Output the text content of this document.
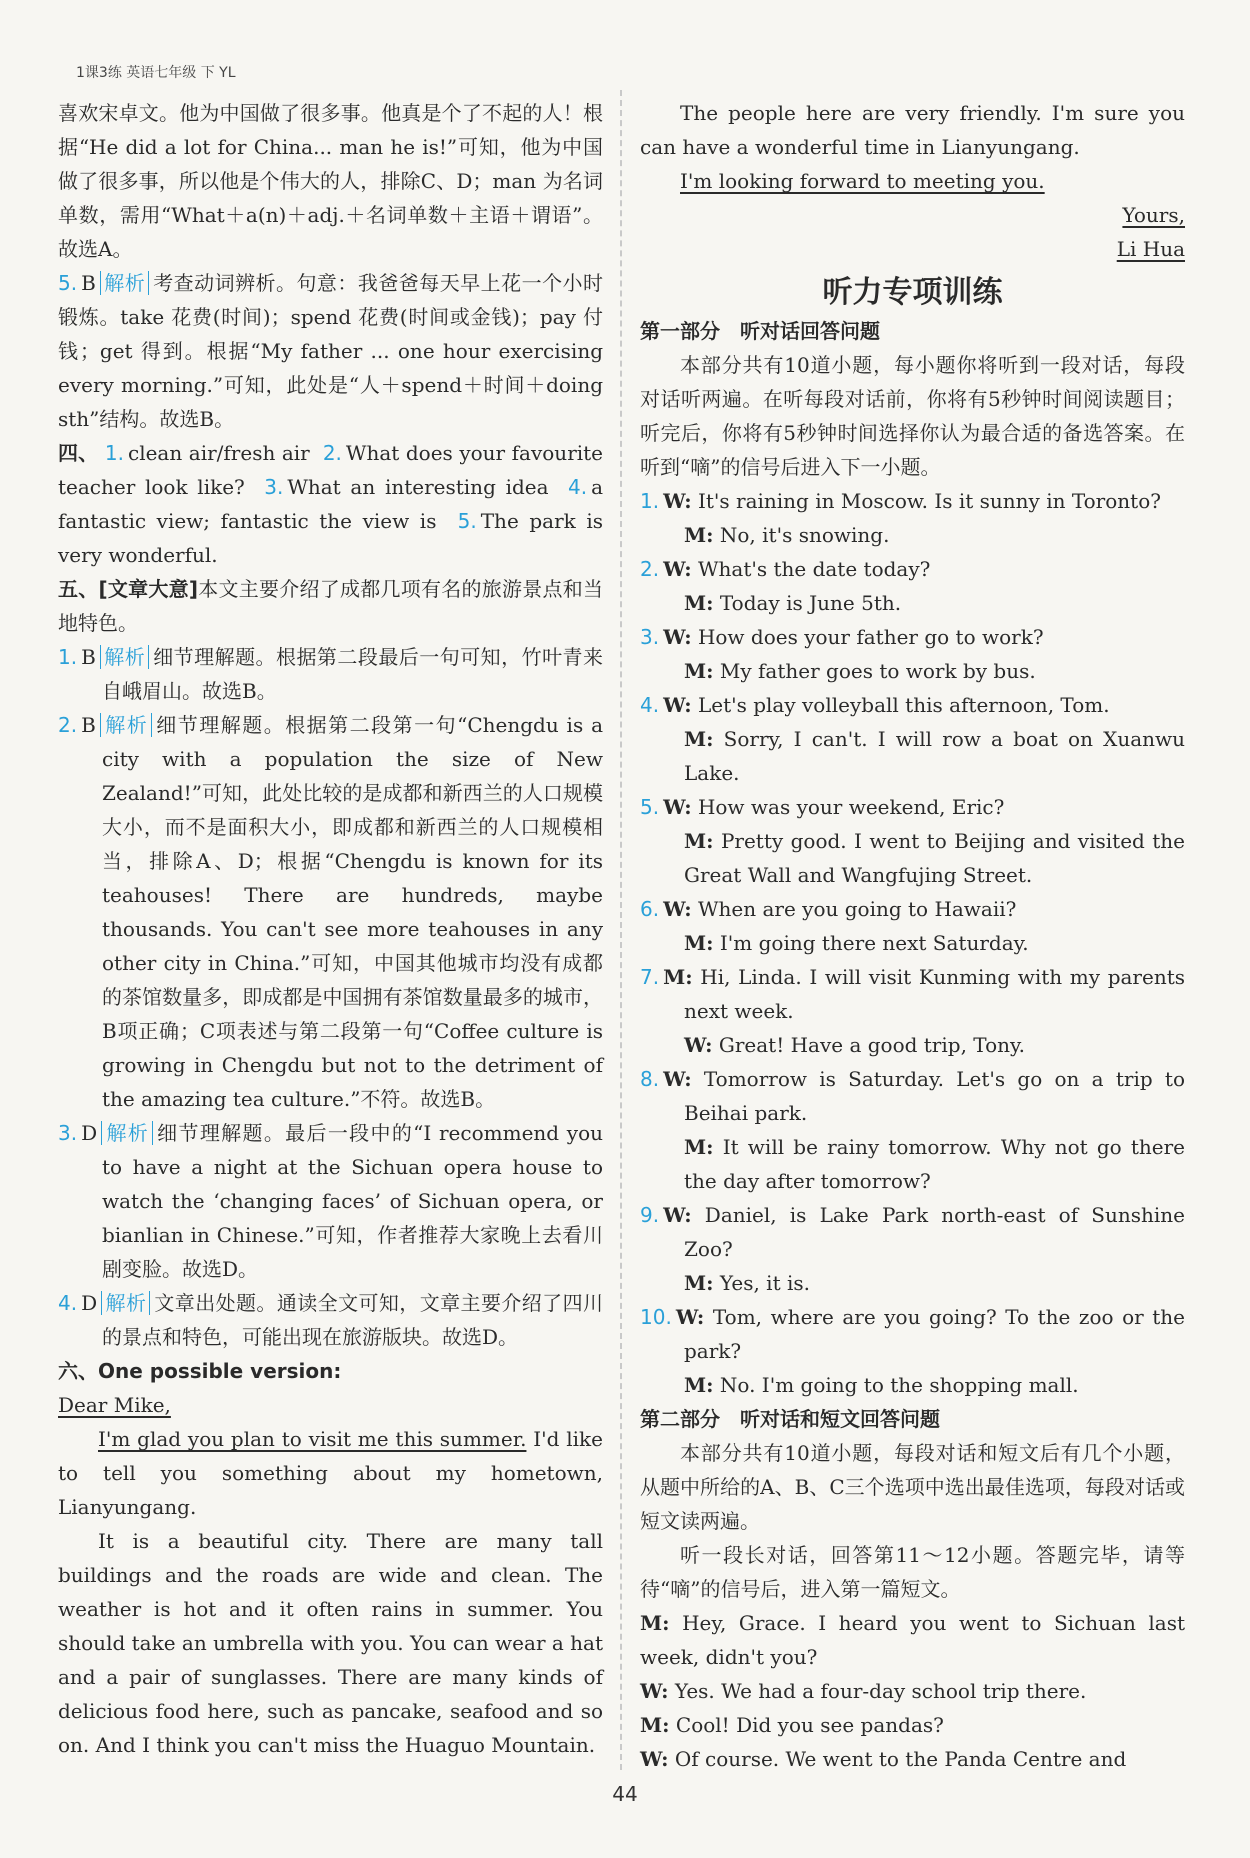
1课3练 英语七年级 下 YL

喜欢宋卓文。他为中国做了很多事。他真是个了不起的人！根据“He did a lot for China... man he is!”可知，他为中国做了很多事，所以他是个伟大的人，排除C、D；man 为名词单数，需用“What＋a(n)＋adj.＋名词单数＋主语＋谓语”。故选A。

5. B 解析 考查动词辨析。句意：我爸爸每天早上花一个小时锻炼。take 花费(时间)；spend 花费(时间或金钱)；pay 付钱；get 得到。根据“My father ... one hour exercising every morning.”可知，此处是“人＋spend＋时间＋doing sth”结构。故选B。

四、 1. clean air/fresh air 2. What does your favourite teacher look like? 3. What an interesting idea 4. a fantastic view; fantastic the view is 5. The park is very wonderful.

五、[文章大意]本文主要介绍了成都几项有名的旅游景点和当地特色。

1. B 解析 细节理解题。根据第二段最后一句可知，竹叶青来自峨眉山。故选B。

2. B 解析 细节理解题。根据第二段第一句“Chengdu is a city with a population the size of New Zealand!”可知，此处比较的是成都和新西兰的人口规模大小，而不是面积大小，即成都和新西兰的人口规模相当，排除A、D；根据“Chengdu is known for its teahouses! There are hundreds, maybe thousands. You can't see more teahouses in any other city in China.”可知，中国其他城市均没有成都的茶馆数量多，即成都是中国拥有茶馆数量最多的城市，B项正确；C项表述与第二段第一句“Coffee culture is growing in Chengdu but not to the detriment of the amazing tea culture.”不符。故选B。

3. D 解析 细节理解题。最后一段中的“I recommend you to have a night at the Sichuan opera house to watch the ‘changing faces’ of Sichuan opera, or bianlian in Chinese.”可知，作者推荐大家晚上去看川剧变脸。故选D。

4. D 解析 文章出处题。通读全文可知，文章主要介绍了四川的景点和特色，可能出现在旅游版块。故选D。

六、One possible version:

Dear Mike,

I'm glad you plan to visit me this summer. I'd like to tell you something about my hometown, Lianyungang.

It is a beautiful city. There are many tall buildings and the roads are wide and clean. The weather is hot and it often rains in summer. You should take an umbrella with you. You can wear a hat and a pair of sunglasses. There are many kinds of delicious food here, such as pancake, seafood and so on. And I think you can't miss the Huaguo Mountain.

The people here are very friendly. I'm sure you can have a wonderful time in Lianyungang.

I'm looking forward to meeting you.

Yours,

Li Hua

听力专项训练

第一部分　听对话回答问题

本部分共有10道小题，每小题你将听到一段对话，每段对话听两遍。在听每段对话前，你将有5秒钟时间阅读题目；听完后，你将有5秒钟时间选择你认为最合适的备选答案。在听到“嘀”的信号后进入下一小题。

1. W: It's raining in Moscow. Is it sunny in Toronto?

M: No, it's snowing.

2. W: What's the date today?

M: Today is June 5th.

3. W: How does your father go to work?

M: My father goes to work by bus.

4. W: Let's play volleyball this afternoon, Tom.

M: Sorry, I can't. I will row a boat on Xuanwu Lake.

5. W: How was your weekend, Eric?

M: Pretty good. I went to Beijing and visited the Great Wall and Wangfujing Street.

6. W: When are you going to Hawaii?

M: I'm going there next Saturday.

7. M: Hi, Linda. I will visit Kunming with my parents next week.

W: Great! Have a good trip, Tony.

8. W: Tomorrow is Saturday. Let's go on a trip to Beihai park.

M: It will be rainy tomorrow. Why not go there the day after tomorrow?

9. W: Daniel, is Lake Park north-east of Sunshine Zoo?

M: Yes, it is.

10. W: Tom, where are you going? To the zoo or the park?

M: No. I'm going to the shopping mall.

第二部分　听对话和短文回答问题

本部分共有10道小题，每段对话和短文后有几个小题，从题中所给的A、B、C三个选项中选出最佳选项，每段对话或短文读两遍。

听一段长对话，回答第11～12小题。答题完毕，请等待“嘀”的信号后，进入第一篇短文。

M: Hey, Grace. I heard you went to Sichuan last week, didn't you?

W: Yes. We had a four-day school trip there.

M: Cool! Did you see pandas?

W: Of course. We went to the Panda Centre and

44
